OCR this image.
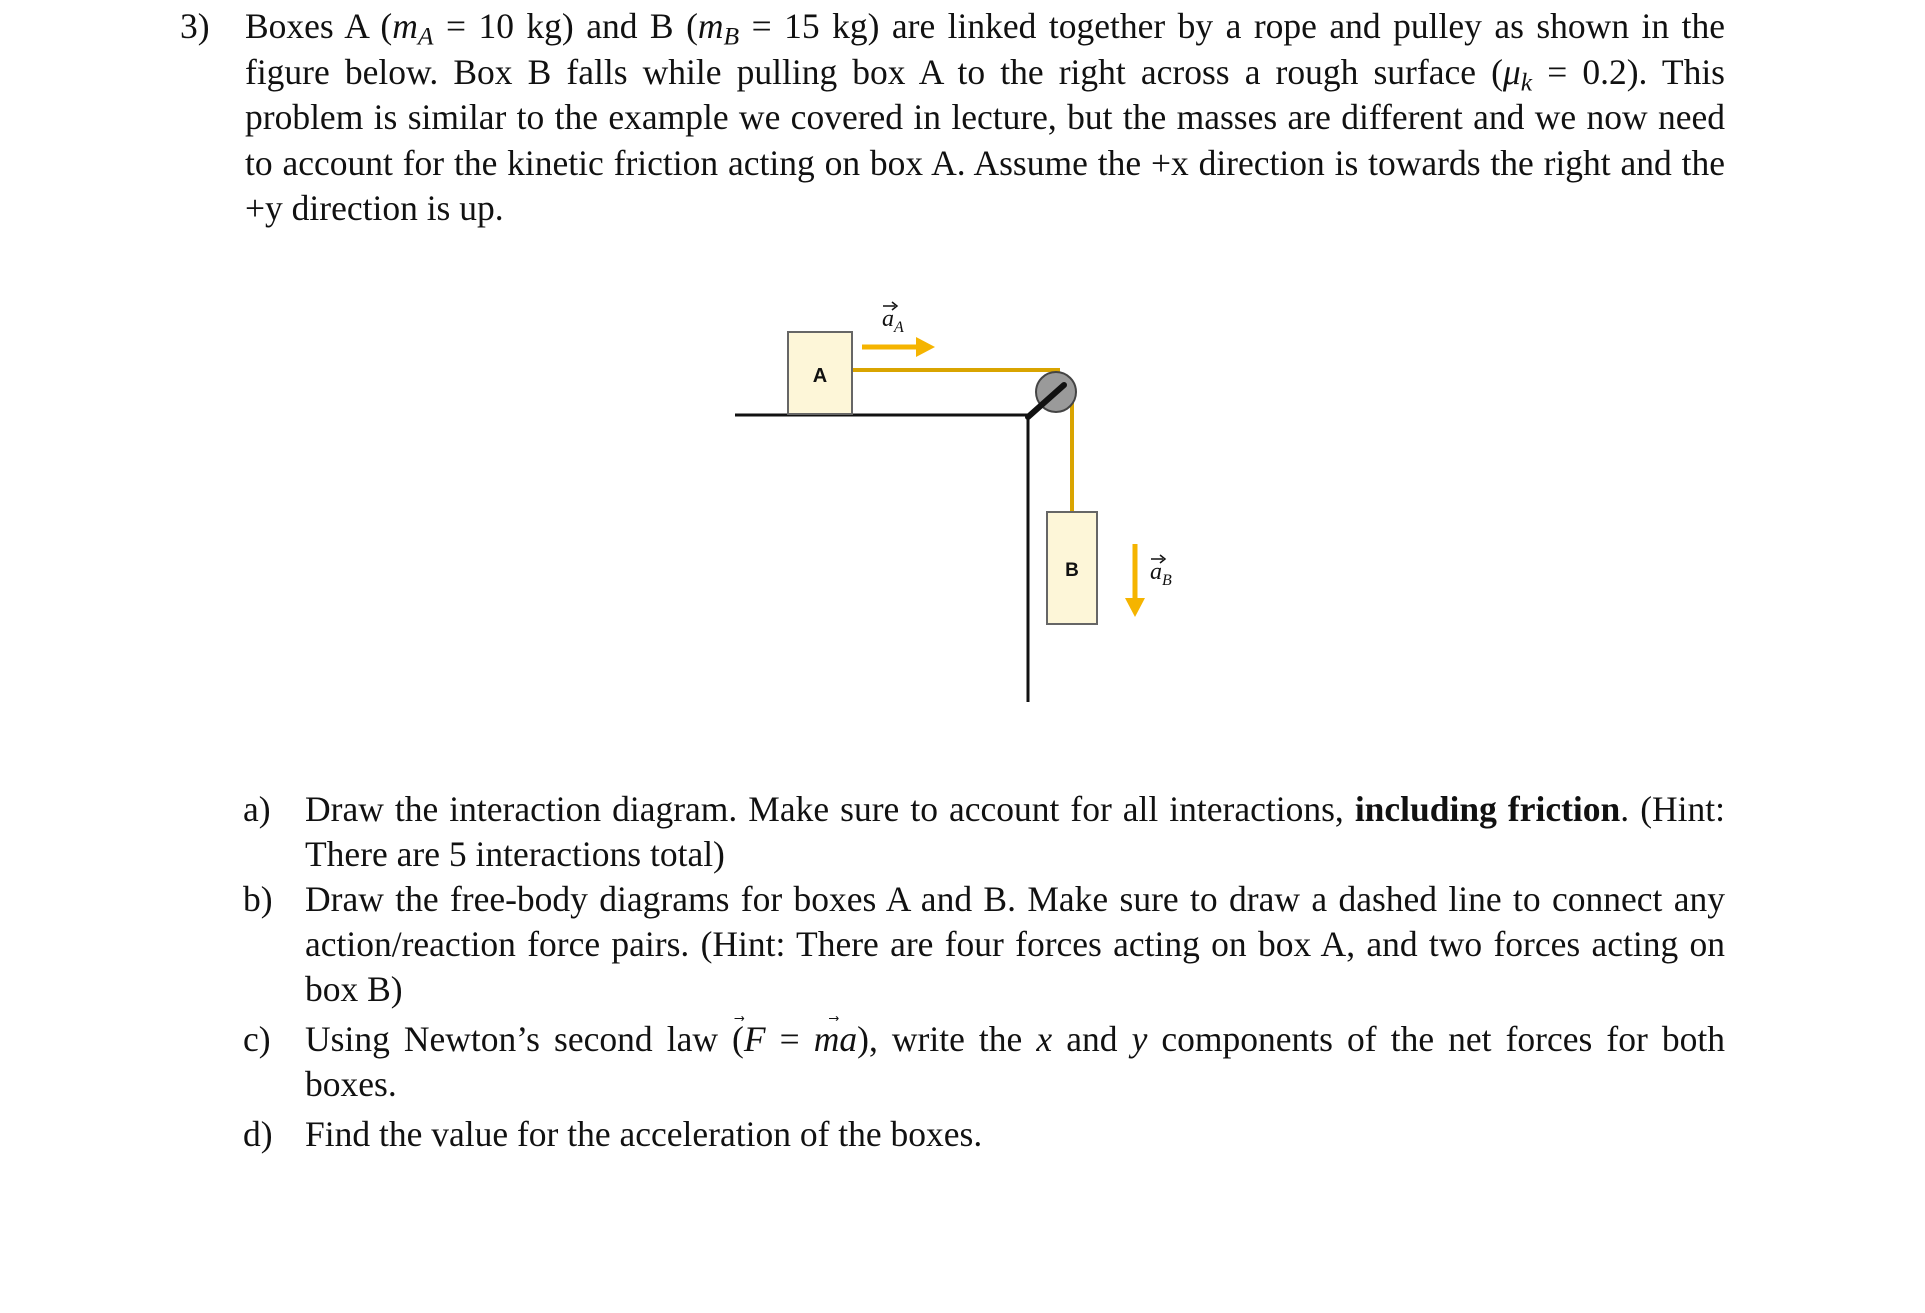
3) Boxes A ($m_A = 10$ kg) and B ($m_B = 15$ kg) are linked together by a rope and pulley as shown in the figure below. Box B falls while pulling box A to the right across a rough surface $(\mu_k = 0.2)$. This problem is similar to the example we covered in lecture, but the masses are different and we now need to account for the kinetic friction acting on box A. Assume the +x direction is towards the right and the +y direction is up.
A
B
$a_A$
$a_B$
a) Draw the interaction diagram. Make sure to account for all interactions, including friction. (Hint: There are 5 interactions total)
b) Draw the free-body diagrams for boxes A and B. Make sure to draw a dashed line to connect any action/reaction force pairs. (Hint: There are four forces acting on box A, and two forces acting on box B)
c) Using Newton’s second law (F
= ma
), write the x and y components of the net forces for both boxes.
d) Find the value for the acceleration of the boxes.
